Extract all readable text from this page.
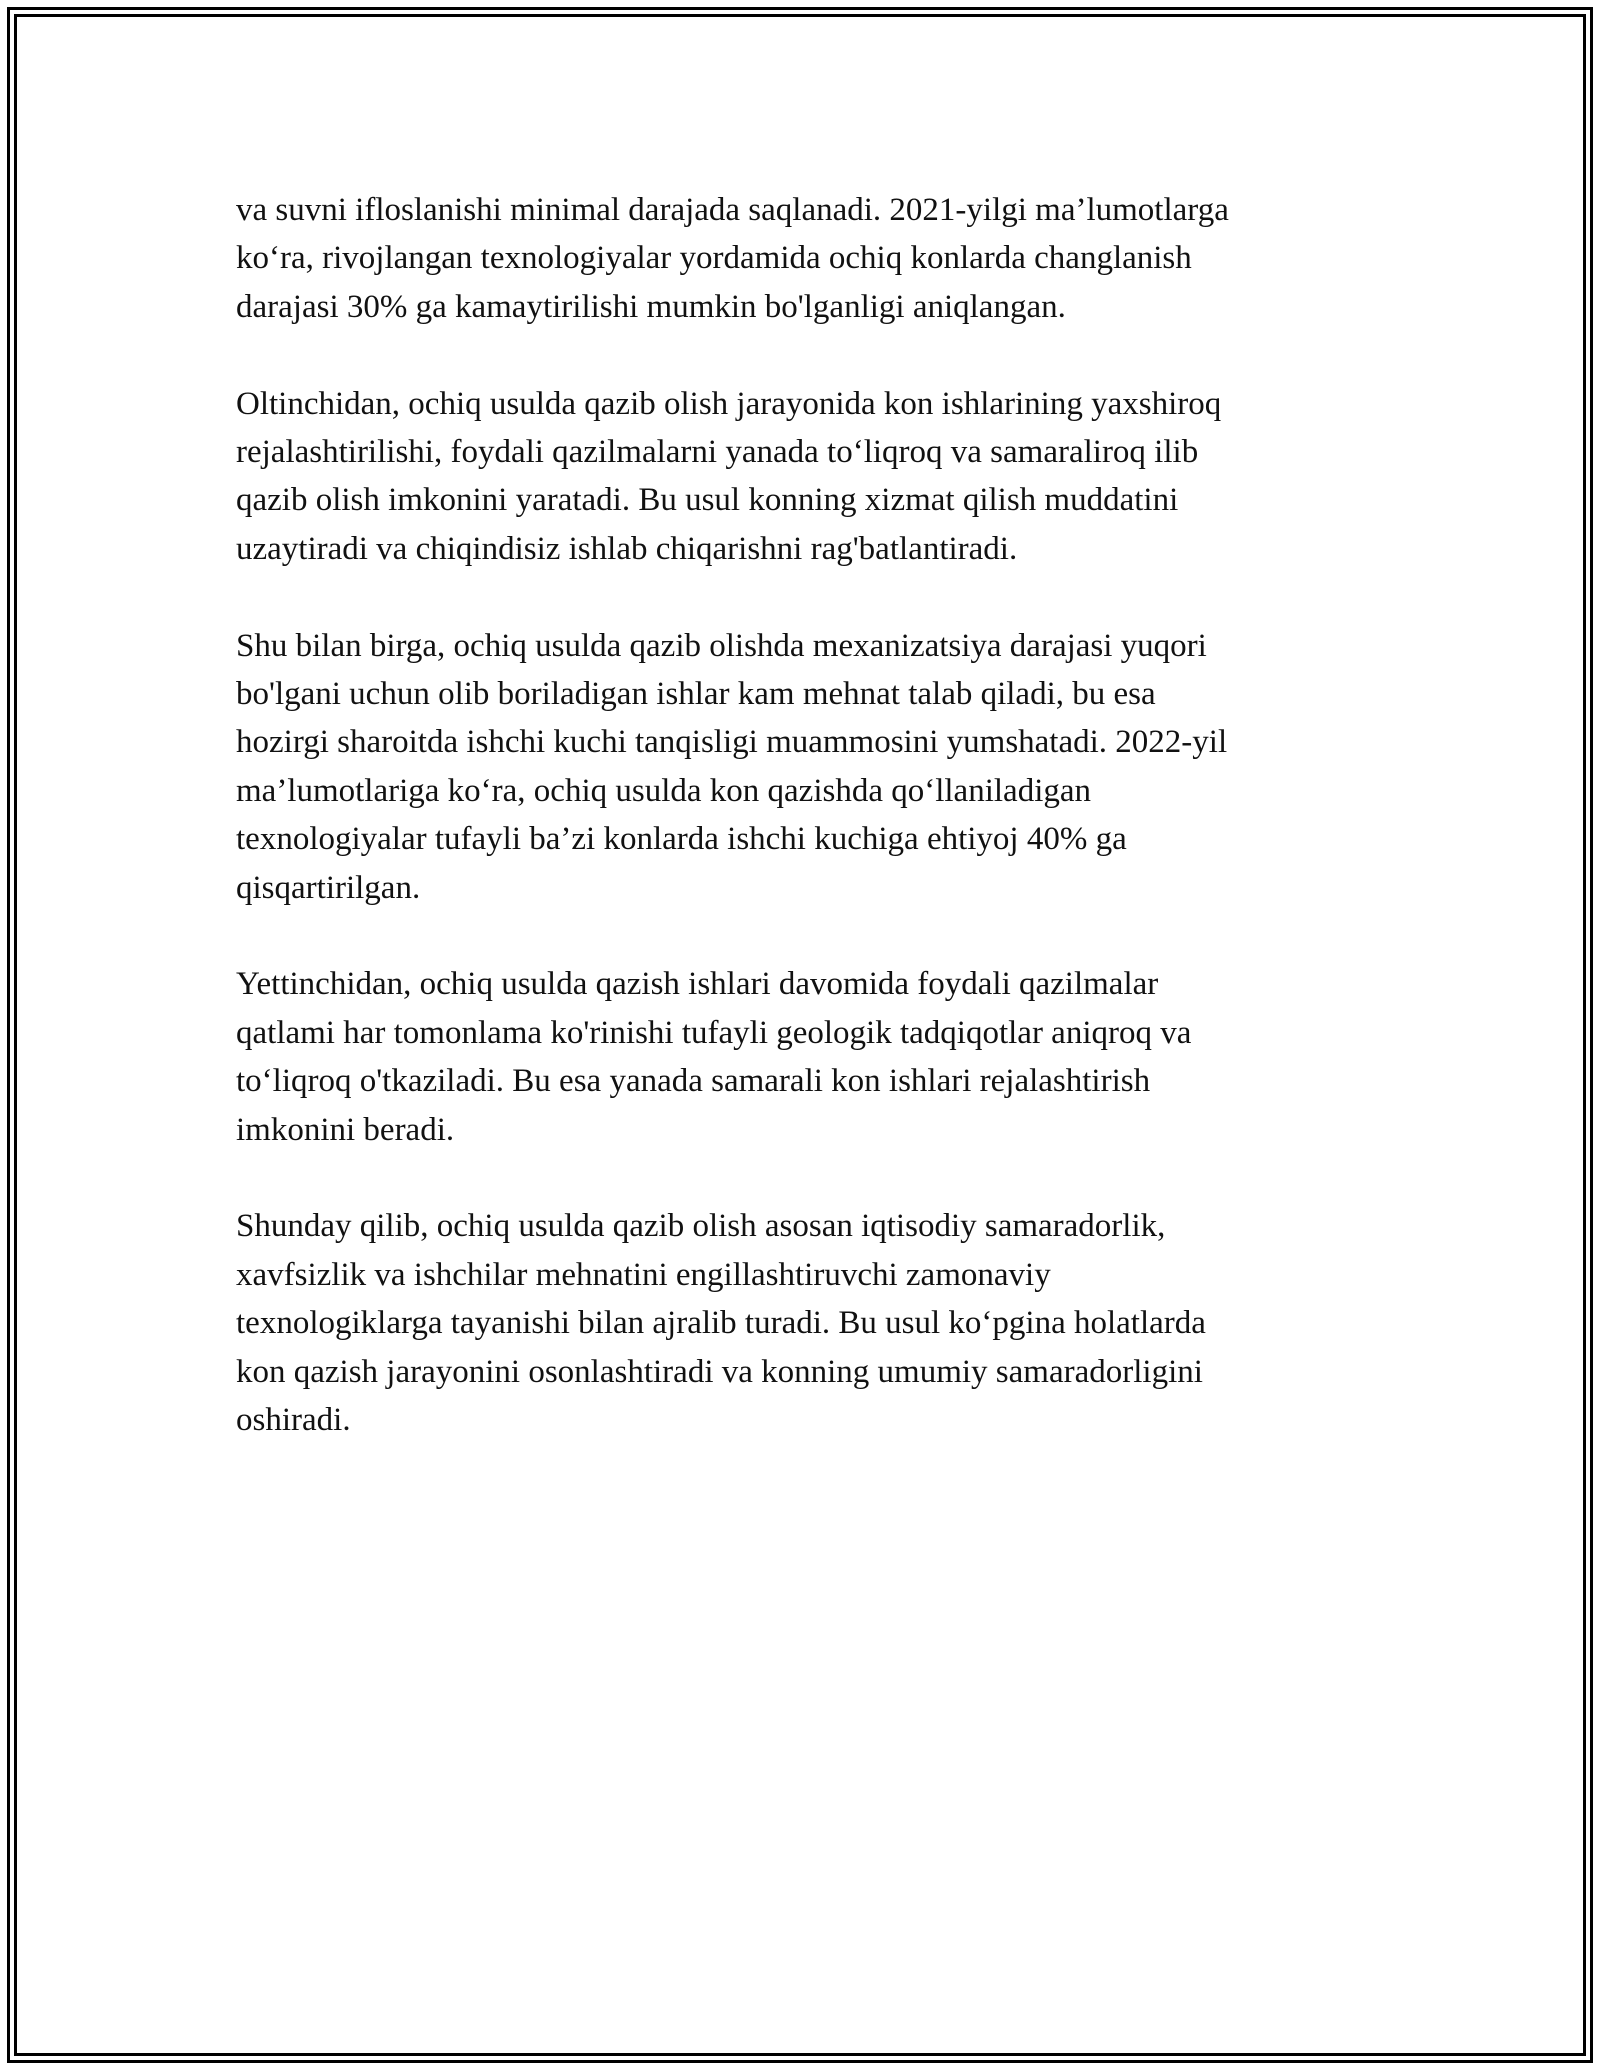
va suvni ifloslanishi minimal darajada saqlanadi. 2021-yilgi ma’lumotlarga
ko‘ra, rivojlangan texnologiyalar yordamida ochiq konlarda changlanish
darajasi 30% ga kamaytirilishi mumkin bo'lganligi aniqlangan.

Oltinchidan, ochiq usulda qazib olish jarayonida kon ishlarining yaxshiroq
rejalashtirilishi, foydali qazilmalarni yanada to‘liqroq va samaraliroq ilib
qazib olish imkonini yaratadi. Bu usul konning xizmat qilish muddatini
uzaytiradi va chiqindisiz ishlab chiqarishni rag'batlantiradi.

Shu bilan birga, ochiq usulda qazib olishda mexanizatsiya darajasi yuqori
bo'lgani uchun olib boriladigan ishlar kam mehnat talab qiladi, bu esa
hozirgi sharoitda ishchi kuchi tanqisligi muammosini yumshatadi. 2022-yil
ma’lumotlariga ko‘ra, ochiq usulda kon qazishda qo‘llaniladigan
texnologiyalar tufayli ba’zi konlarda ishchi kuchiga ehtiyoj 40% ga
qisqartirilgan.

Yettinchidan, ochiq usulda qazish ishlari davomida foydali qazilmalar
qatlami har tomonlama ko'rinishi tufayli geologik tadqiqotlar aniqroq va
to‘liqroq o'tkaziladi. Bu esa yanada samarali kon ishlari rejalashtirish
imkonini beradi.

Shunday qilib, ochiq usulda qazib olish asosan iqtisodiy samaradorlik,
xavfsizlik va ishchilar mehnatini engillashtiruvchi zamonaviy
texnologiklarga tayanishi bilan ajralib turadi. Bu usul ko‘pgina holatlarda
kon qazish jarayonini osonlashtiradi va konning umumiy samaradorligini
oshiradi.
